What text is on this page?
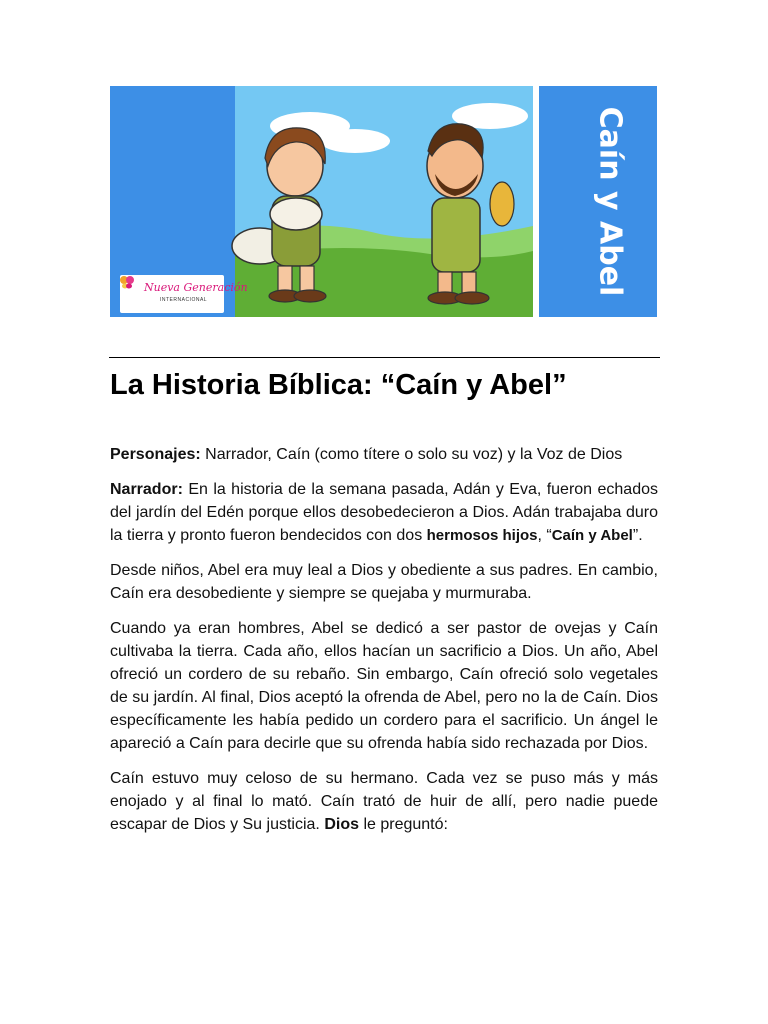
Nueva Generación
INTERNACIONAL
Caín y Abel
La Historia Bíblica: “Caín y Abel”

Personajes: Narrador, Caín (como títere o solo su voz) y la Voz de Dios

Narrador: En la historia de la semana pasada, Adán y Eva, fueron echados del jardín del Edén porque ellos desobedecieron a Dios. Adán trabajaba duro la tierra y pronto fueron bendecidos con dos hermosos hijos, “Caín y Abel”.

Desde niños, Abel era muy leal a Dios y obediente a sus padres. En cambio, Caín era desobediente y siempre se quejaba y murmuraba.

Cuando ya eran hombres, Abel se dedicó a ser pastor de ovejas y Caín cultivaba la tierra. Cada año, ellos hacían un sacrificio a Dios. Un año, Abel ofreció un cordero de su rebaño. Sin embargo, Caín ofreció solo vegetales de su jardín. Al final, Dios aceptó la ofrenda de Abel, pero no la de Caín. Dios específicamente les había pedido un cordero para el sacrificio. Un ángel le apareció a Caín para decirle que su ofrenda había sido rechazada por Dios.

Caín estuvo muy celoso de su hermano. Cada vez se puso más y más enojado y al final lo mató. Caín trató de huir de allí, pero nadie puede escapar de Dios y Su justicia. Dios le preguntó:
